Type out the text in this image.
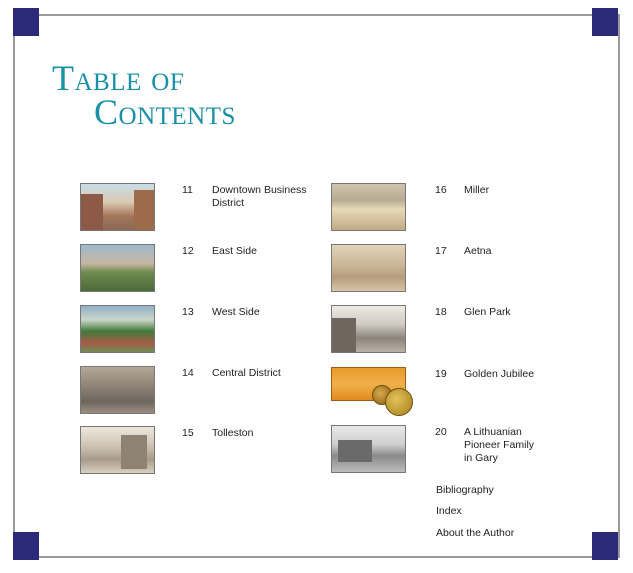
Table of
Contents
11 Downtown Business District
12 East Side
13 West Side
14 Central District
15 Tolleston
16 Miller
17 Aetna
18 Glen Park
19 Golden Jubilee
20 A Lithuanian Pioneer Family in Gary
Bibliography
Index
About the Author
